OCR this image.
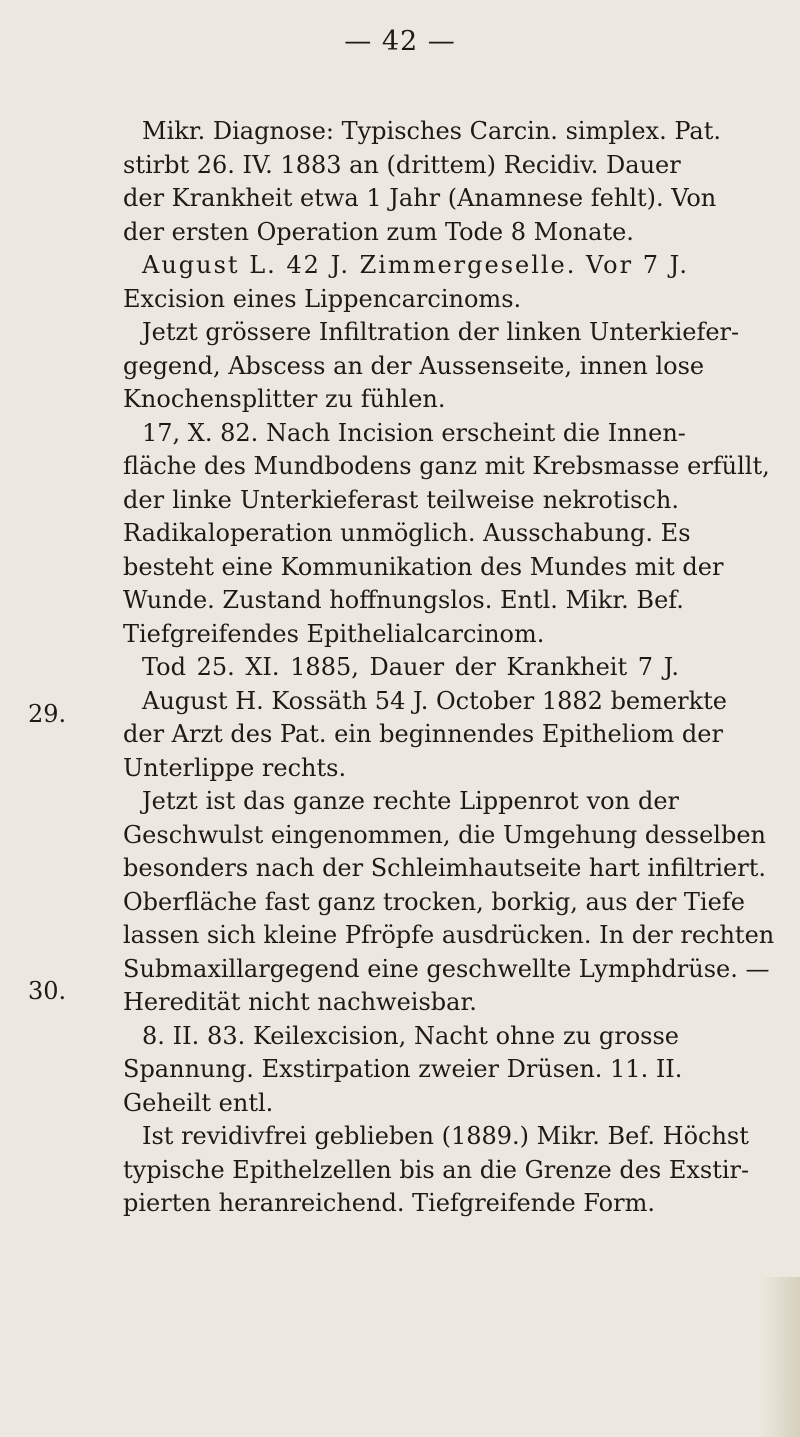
— 42 —
29.
30.
Mikr. Diagnose: Typisches Carcin. simplex. Pat.
stirbt 26. IV. 1883 an (drittem) Recidiv. Dauer
der Krankheit etwa 1 Jahr (Anamnese fehlt). Von
der ersten Operation zum Tode 8 Monate.
August L. 42 J. Zimmergeselle. Vor 7 J.
Excision eines Lippencarcinoms.
Jetzt grössere Infiltration der linken Unterkiefer-
gegend, Abscess an der Aussenseite, innen lose
Knochensplitter zu fühlen.
17, X. 82. Nach Incision erscheint die Innen-
fläche des Mundbodens ganz mit Krebsmasse erfüllt,
der linke Unterkieferast teilweise nekrotisch.
Radikaloperation unmöglich. Ausschabung. Es
besteht eine Kommunikation des Mundes mit der
Wunde. Zustand hoffnungslos. Entl. Mikr. Bef.
Tiefgreifendes Epithelialcarcinom.
Tod 25. XI. 1885, Dauer der Krankheit 7 J.
August H. Kossäth 54 J. October 1882 bemerkte
der Arzt des Pat. ein beginnendes Epitheliom der
Unterlippe rechts.
Jetzt ist das ganze rechte Lippenrot von der
Geschwulst eingenommen, die Umgehung desselben
besonders nach der Schleimhautseite hart infiltriert.
Oberfläche fast ganz trocken, borkig, aus der Tiefe
lassen sich kleine Pfröpfe ausdrücken. In der rechten
Submaxillargegend eine geschwellte Lymphdrüse. —
Heredität nicht nachweisbar.
8. II. 83. Keilexcision, Nacht ohne zu grosse
Spannung. Exstirpation zweier Drüsen. 11. II.
Geheilt entl.
Ist revidivfrei geblieben (1889.) Mikr. Bef. Höchst
typische Epithelzellen bis an die Grenze des Exstir-
pierten heranreichend. Tiefgreifende Form.
